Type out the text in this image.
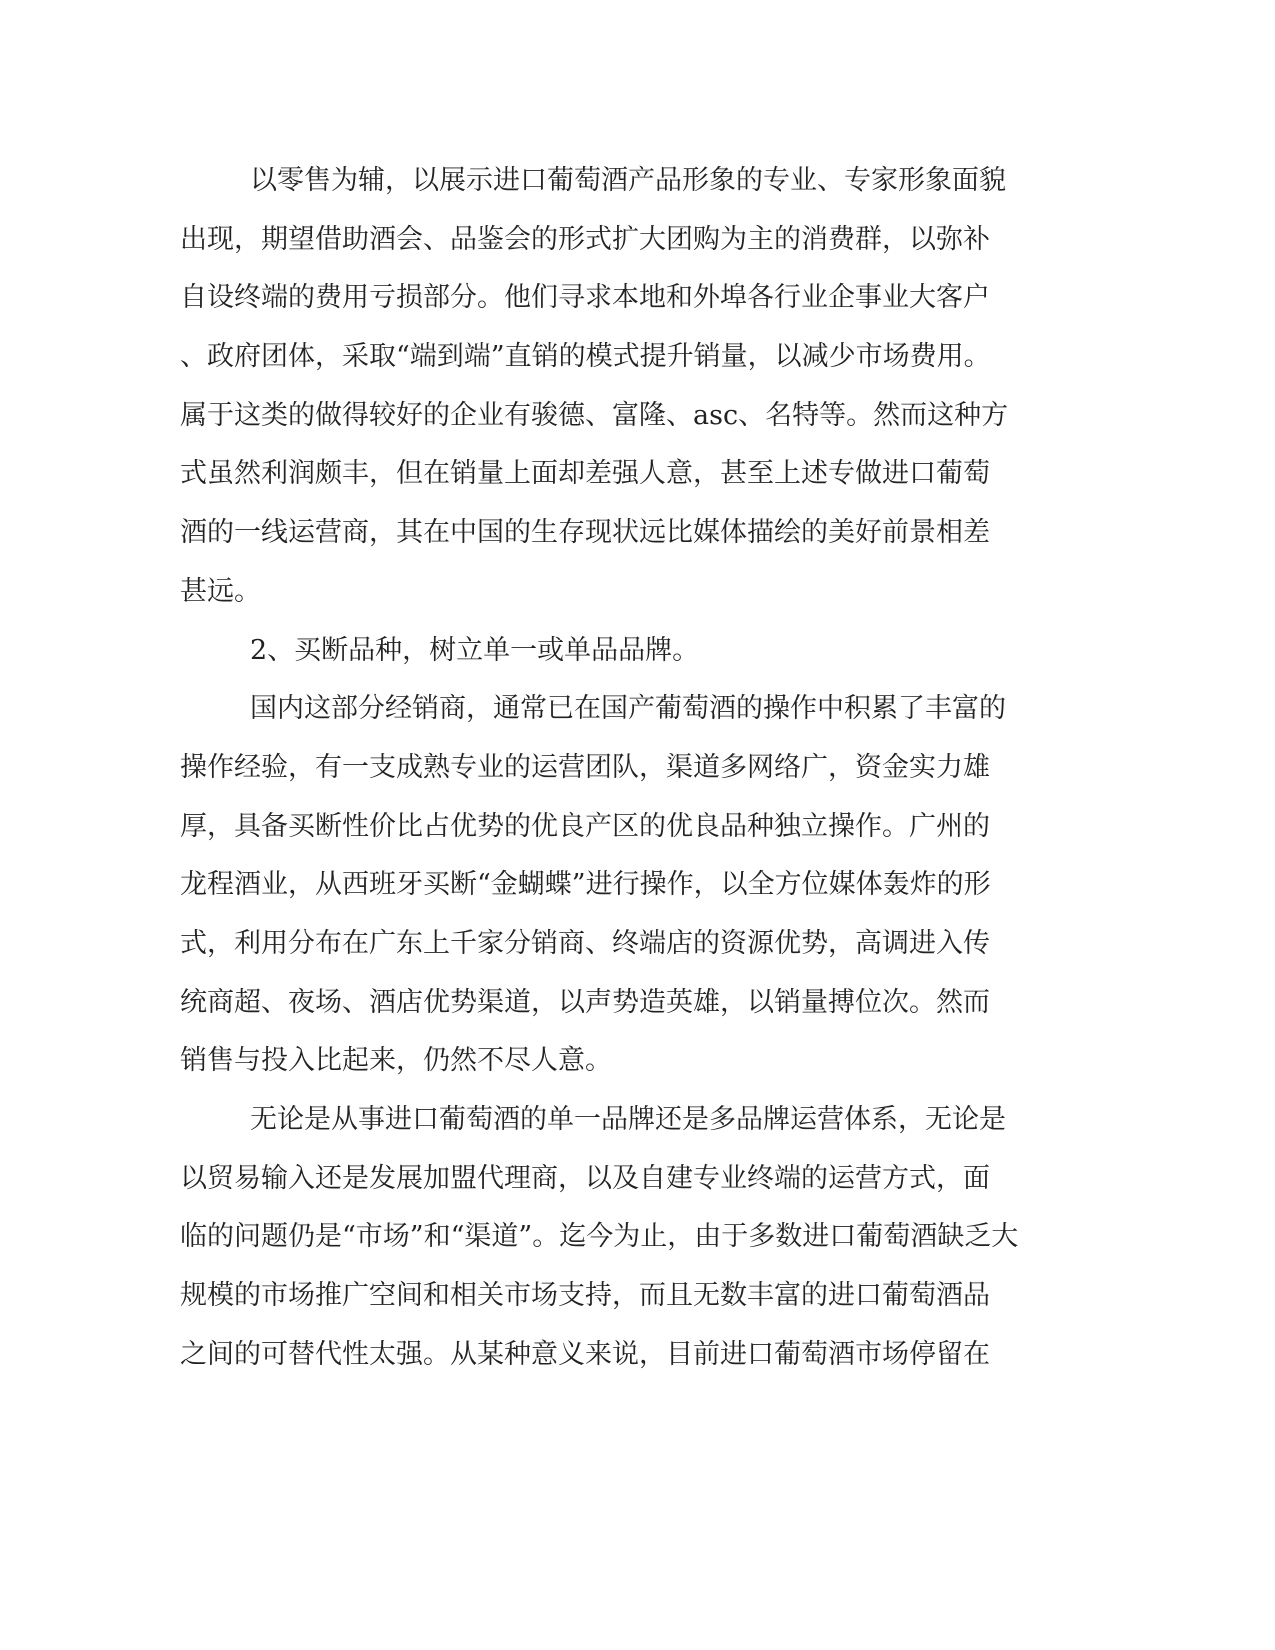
以零售为辅，以展示进口葡萄酒产品形象的专业、专家形象面貌
出现，期望借助酒会、品鉴会的形式扩大团购为主的消费群，以弥补
自设终端的费用亏损部分。他们寻求本地和外埠各行业企事业大客户
、政府团体，采取“端到端”直销的模式提升销量，以减少市场费用。
属于这类的做得较好的企业有骏德、富隆、asc、名特等。然而这种方
式虽然利润颇丰，但在销量上面却差强人意，甚至上述专做进口葡萄
酒的一线运营商，其在中国的生存现状远比媒体描绘的美好前景相差
甚远。
2、买断品种，树立单一或单品品牌。
国内这部分经销商，通常已在国产葡萄酒的操作中积累了丰富的
操作经验，有一支成熟专业的运营团队，渠道多网络广，资金实力雄
厚，具备买断性价比占优势的优良产区的优良品种独立操作。广州的
龙程酒业，从西班牙买断“金蝴蝶”进行操作，以全方位媒体轰炸的形
式，利用分布在广东上千家分销商、终端店的资源优势，高调进入传
统商超、夜场、酒店优势渠道，以声势造英雄，以销量搏位次。然而
销售与投入比起来，仍然不尽人意。
无论是从事进口葡萄酒的单一品牌还是多品牌运营体系，无论是
以贸易输入还是发展加盟代理商，以及自建专业终端的运营方式，面
临的问题仍是“市场”和“渠道”。迄今为止，由于多数进口葡萄酒缺乏大
规模的市场推广空间和相关市场支持，而且无数丰富的进口葡萄酒品
之间的可替代性太强。从某种意义来说，目前进口葡萄酒市场停留在
